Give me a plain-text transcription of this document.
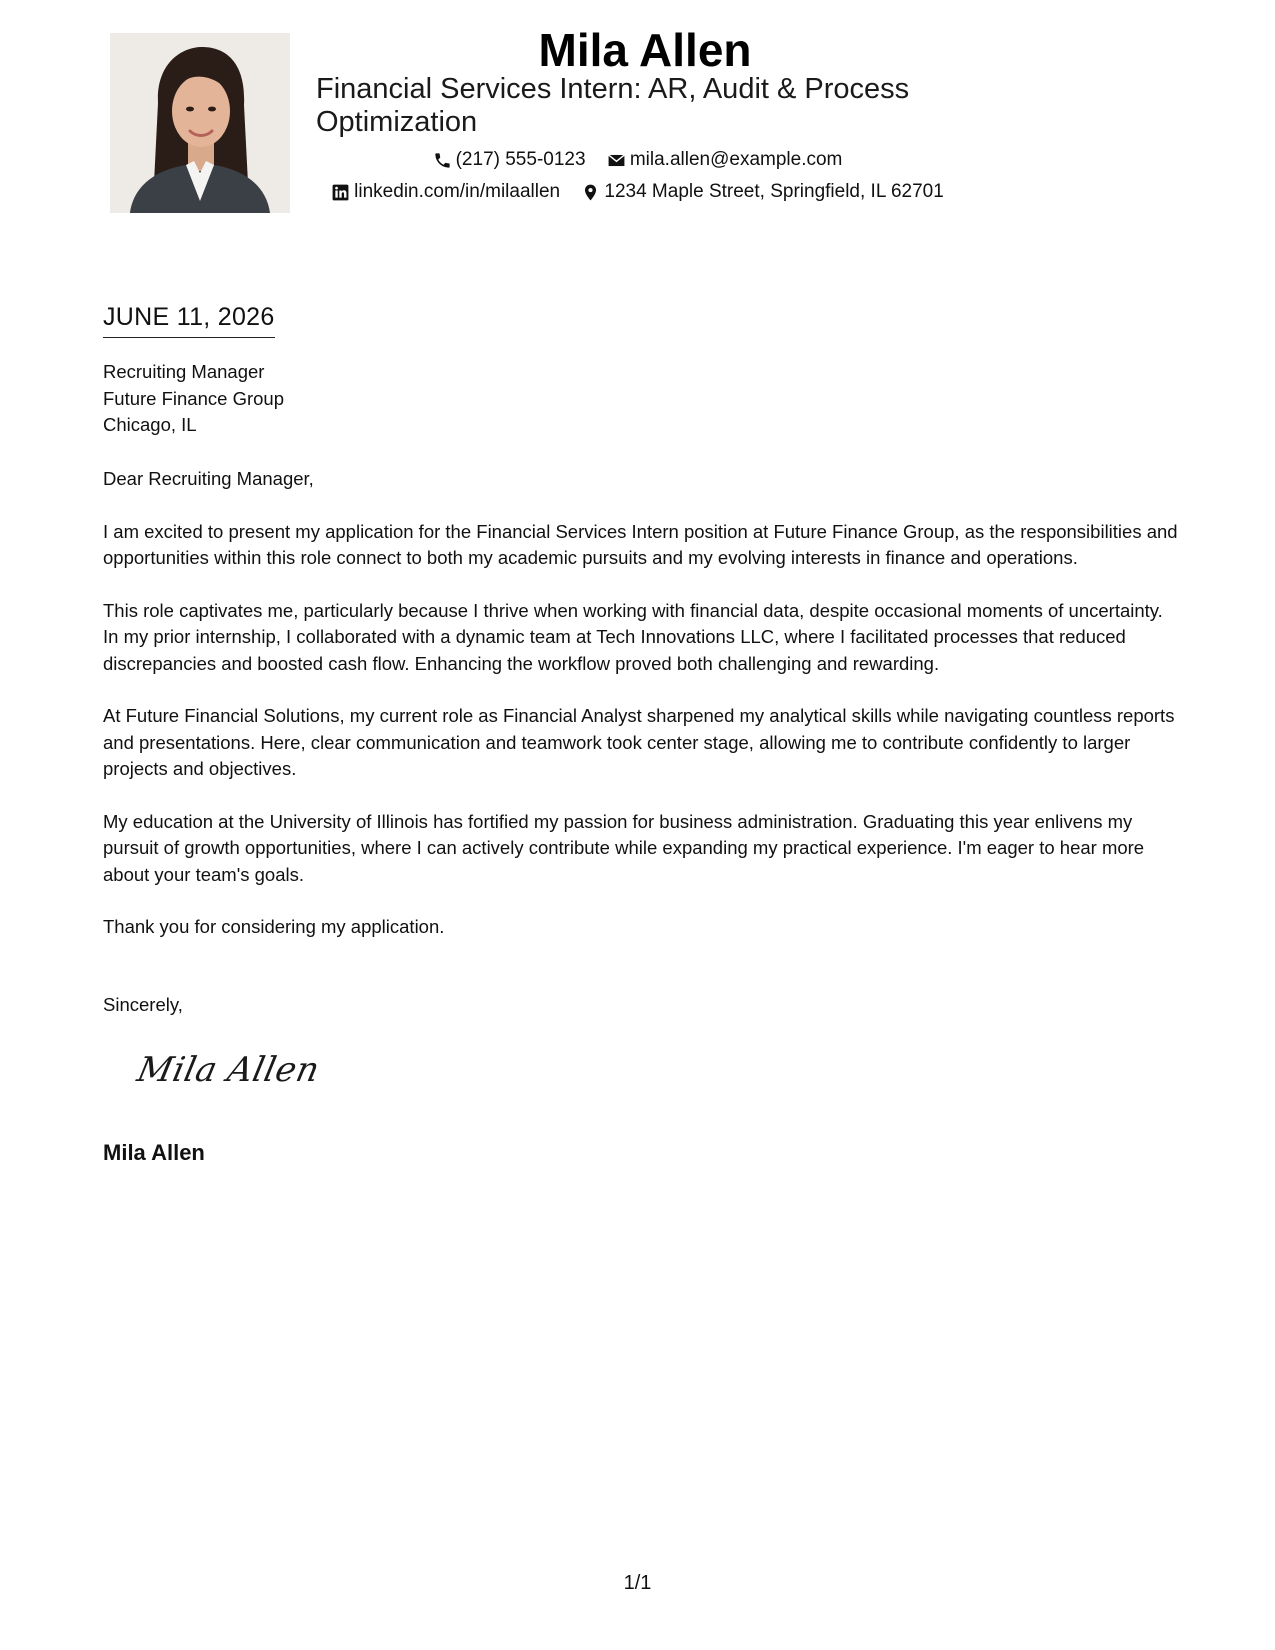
Mila Allen
Financial Services Intern: AR, Audit & Process Optimization
(217) 555-0123
mila.allen@example.com
linkedin.com/in/milaallen
1234 Maple Street, Springfield, IL 62701
JUNE 11, 2026
Recruiting Manager
Future Finance Group
Chicago, IL

Dear Recruiting Manager,

I am excited to present my application for the Financial Services Intern position at Future Finance Group, as the responsibilities and opportunities within this role connect to both my academic pursuits and my evolving interests in finance and operations.

This role captivates me, particularly because I thrive when working with financial data, despite occasional moments of uncertainty. In my prior internship, I collaborated with a dynamic team at Tech Innovations LLC, where I facilitated processes that reduced discrepancies and boosted cash flow. Enhancing the workflow proved both challenging and rewarding.

At Future Financial Solutions, my current role as Financial Analyst sharpened my analytical skills while navigating countless reports and presentations. Here, clear communication and teamwork took center stage, allowing me to contribute confidently to larger projects and objectives.

My education at the University of Illinois has fortified my passion for business administration. Graduating this year enlivens my pursuit of growth opportunities, where I can actively contribute while expanding my practical experience. I'm eager to hear more about your team's goals.

Thank you for considering my application.

Sincerely,
Mila Allen
Mila Allen
1/1
